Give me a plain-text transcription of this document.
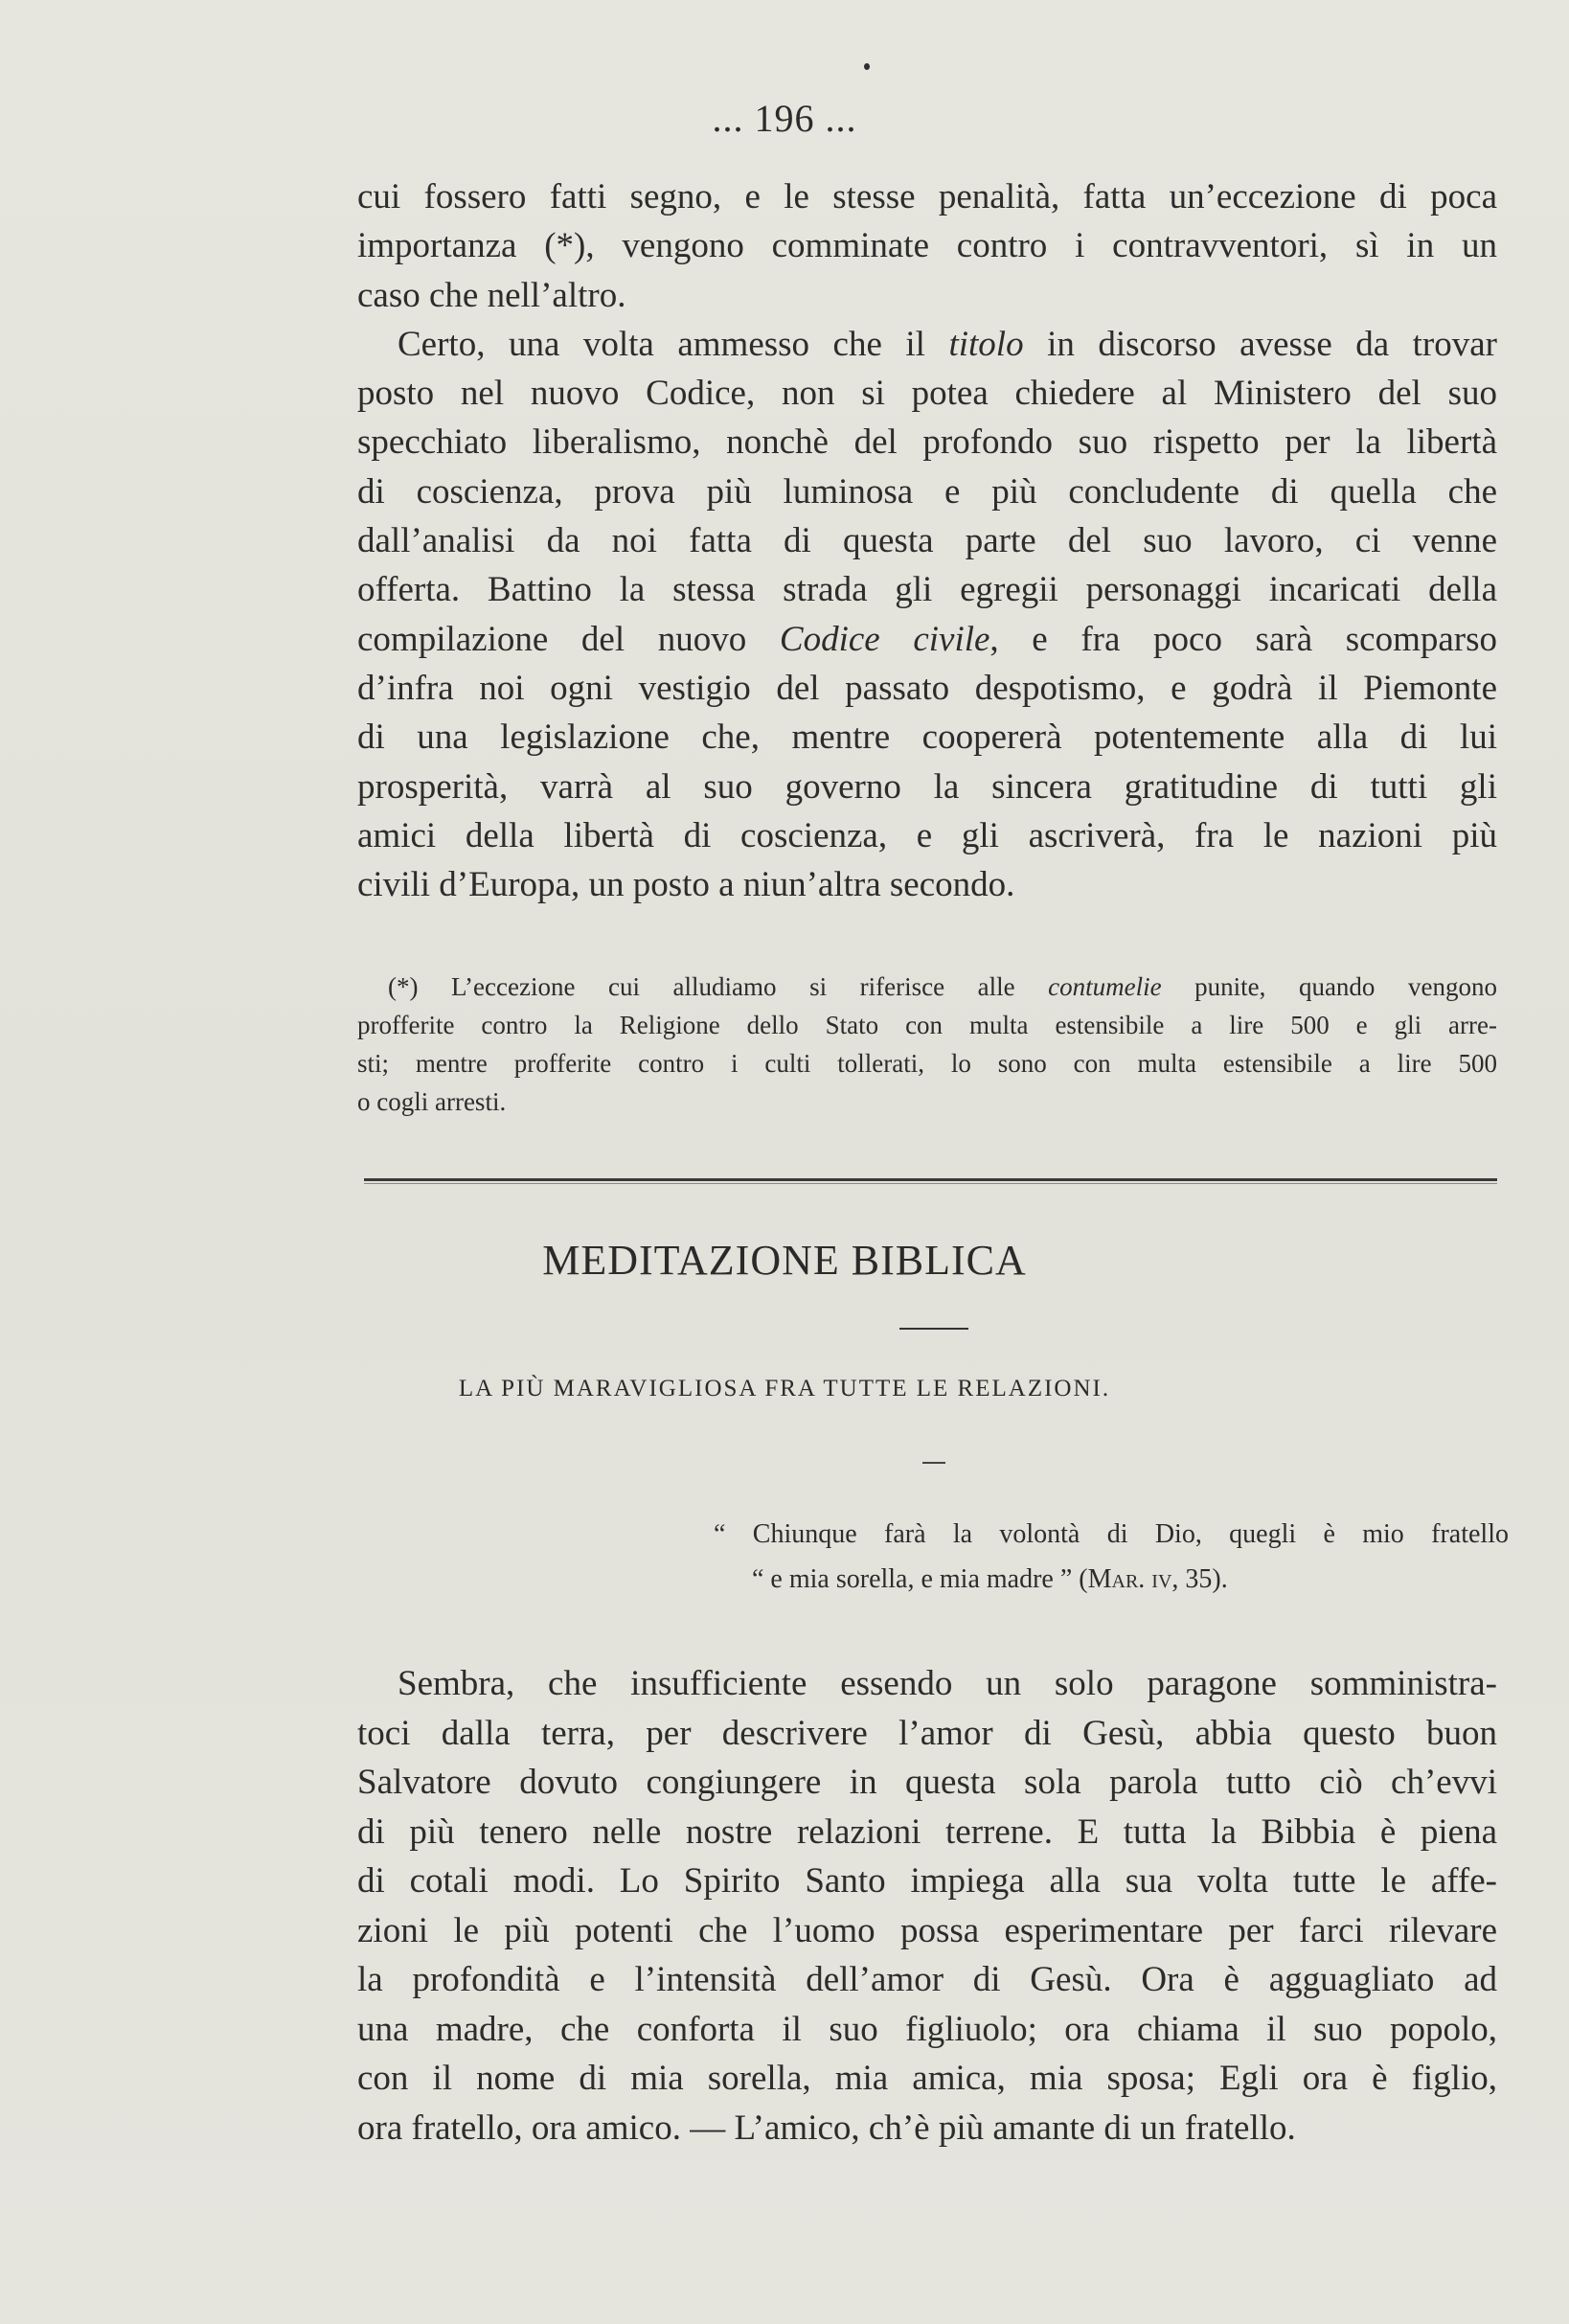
... 196 ...
cui fossero fatti segno, e le stesse penalità, fatta un’eccezione di poca
importanza (*), vengono comminate contro i contravventori, sì in un
caso che nell’altro.
Certo, una volta ammesso che il titolo in discorso avesse da trovar
posto nel nuovo Codice, non si potea chiedere al Ministero del suo
specchiato liberalismo, nonchè del profondo suo rispetto per la libertà
di coscienza, prova più luminosa e più concludente di quella che
dall’analisi da noi fatta di questa parte del suo lavoro, ci venne
offerta. Battino la stessa strada gli egregii personaggi incaricati della
compilazione del nuovo Codice civile, e fra poco sarà scomparso
d’infra noi ogni vestigio del passato despotismo, e godrà il Piemonte
di una legislazione che, mentre coopererà potentemente alla di lui
prosperità, varrà al suo governo la sincera gratitudine di tutti gli
amici della libertà di coscienza, e gli ascriverà, fra le nazioni più
civili d’Europa, un posto a niun’altra secondo.
(*) L’eccezione cui alludiamo si riferisce alle contumelie punite, quando vengono
profferite contro la Religione dello Stato con multa estensibile a lire 500 e gli arre-
sti; mentre profferite contro i culti tollerati, lo sono con multa estensibile a lire 500
o cogli arresti.
MEDITAZIONE BIBLICA
LA PIÙ MARAVIGLIOSA FRA TUTTE LE RELAZIONI.
“ Chiunque farà la volontà di Dio, quegli è mio fratello
“ e mia sorella, e mia madre ” (Mar. iv, 35).
Sembra, che insufficiente essendo un solo paragone somministra-
toci dalla terra, per descrivere l’amor di Gesù, abbia questo buon
Salvatore dovuto congiungere in questa sola parola tutto ciò ch’evvi
di più tenero nelle nostre relazioni terrene. E tutta la Bibbia è piena
di cotali modi. Lo Spirito Santo impiega alla sua volta tutte le affe-
zioni le più potenti che l’uomo possa esperimentare per farci rilevare
la profondità e l’intensità dell’amor di Gesù. Ora è agguagliato ad
una madre, che conforta il suo figliuolo; ora chiama il suo popolo,
con il nome di mia sorella, mia amica, mia sposa; Egli ora è figlio,
ora fratello, ora amico. — L’amico, ch’è più amante di un fratello.
